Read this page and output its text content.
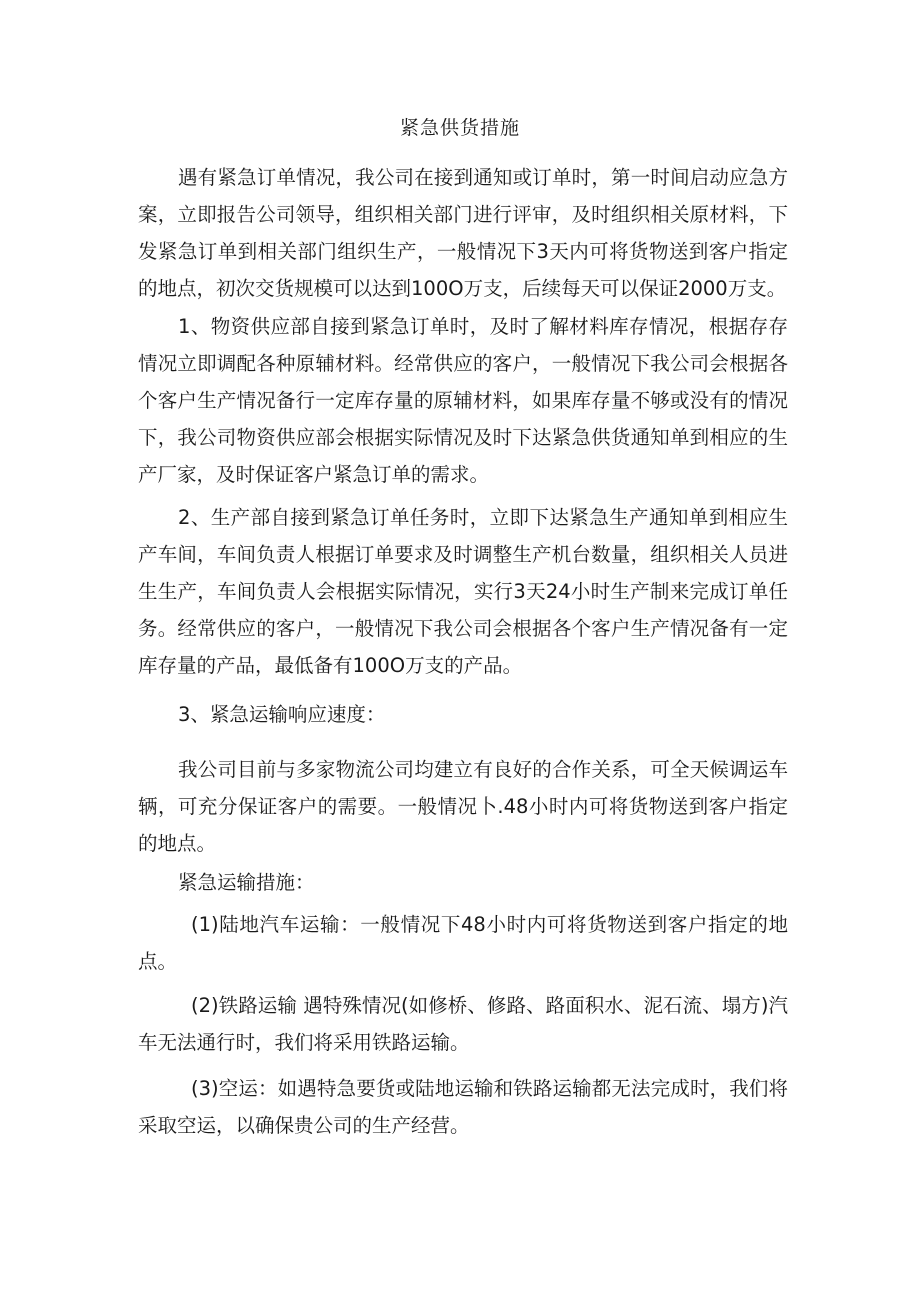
紧急供货措施

遇有紧急订单情况，我公司在接到通知或订单时，第一时间启动应急方案，立即报告公司领导，组织相关部门进行评审，及时组织相关原材料，下发紧急订单到相关部门组织生产，一般情况下3天内可将货物送到客户指定的地点，初次交货规模可以达到100O万支，后续每天可以保证2000万支。

1、物资供应部自接到紧急订单时，及时了解材料库存情况，根据存存情况立即调配各种原辅材料。经常供应的客户，一般情况下我公司会根据各个客户生产情况备行一定库存量的原辅材料，如果库存量不够或没有的情况下，我公司物资供应部会根据实际情况及时下达紧急供货通知单到相应的生产厂家，及时保证客户紧急订单的需求。

2、生产部自接到紧急订单任务时，立即下达紧急生产通知单到相应生产车间，车间负责人根据订单要求及时调整生产机台数量，组织相关人员进生生产，车间负责人会根据实际情况，实行3天24小时生产制来完成订单任务。经常供应的客户，一般情况下我公司会根据各个客户生产情况备有一定库存量的产品，最低备有100O万支的产品。

3、紧急运输响应速度：

我公司目前与多家物流公司均建立有良好的合作关系，可全天候调运车辆，可充分保证客户的需要。一般情况卜.48小时内可将货物送到客户指定的地点。

紧急运输措施：

(1)陆地汽车运输：一般情况下48小时内可将货物送到客户指定的地点。

(2)铁路运输 遇特殊情况(如修桥、修路、路面积水、泥石流、塌方)汽车无法通行时，我们将采用铁路运输。

(3)空运：如遇特急要货或陆地运输和铁路运输都无法完成时，我们将采取空运，以确保贵公司的生产经营。
